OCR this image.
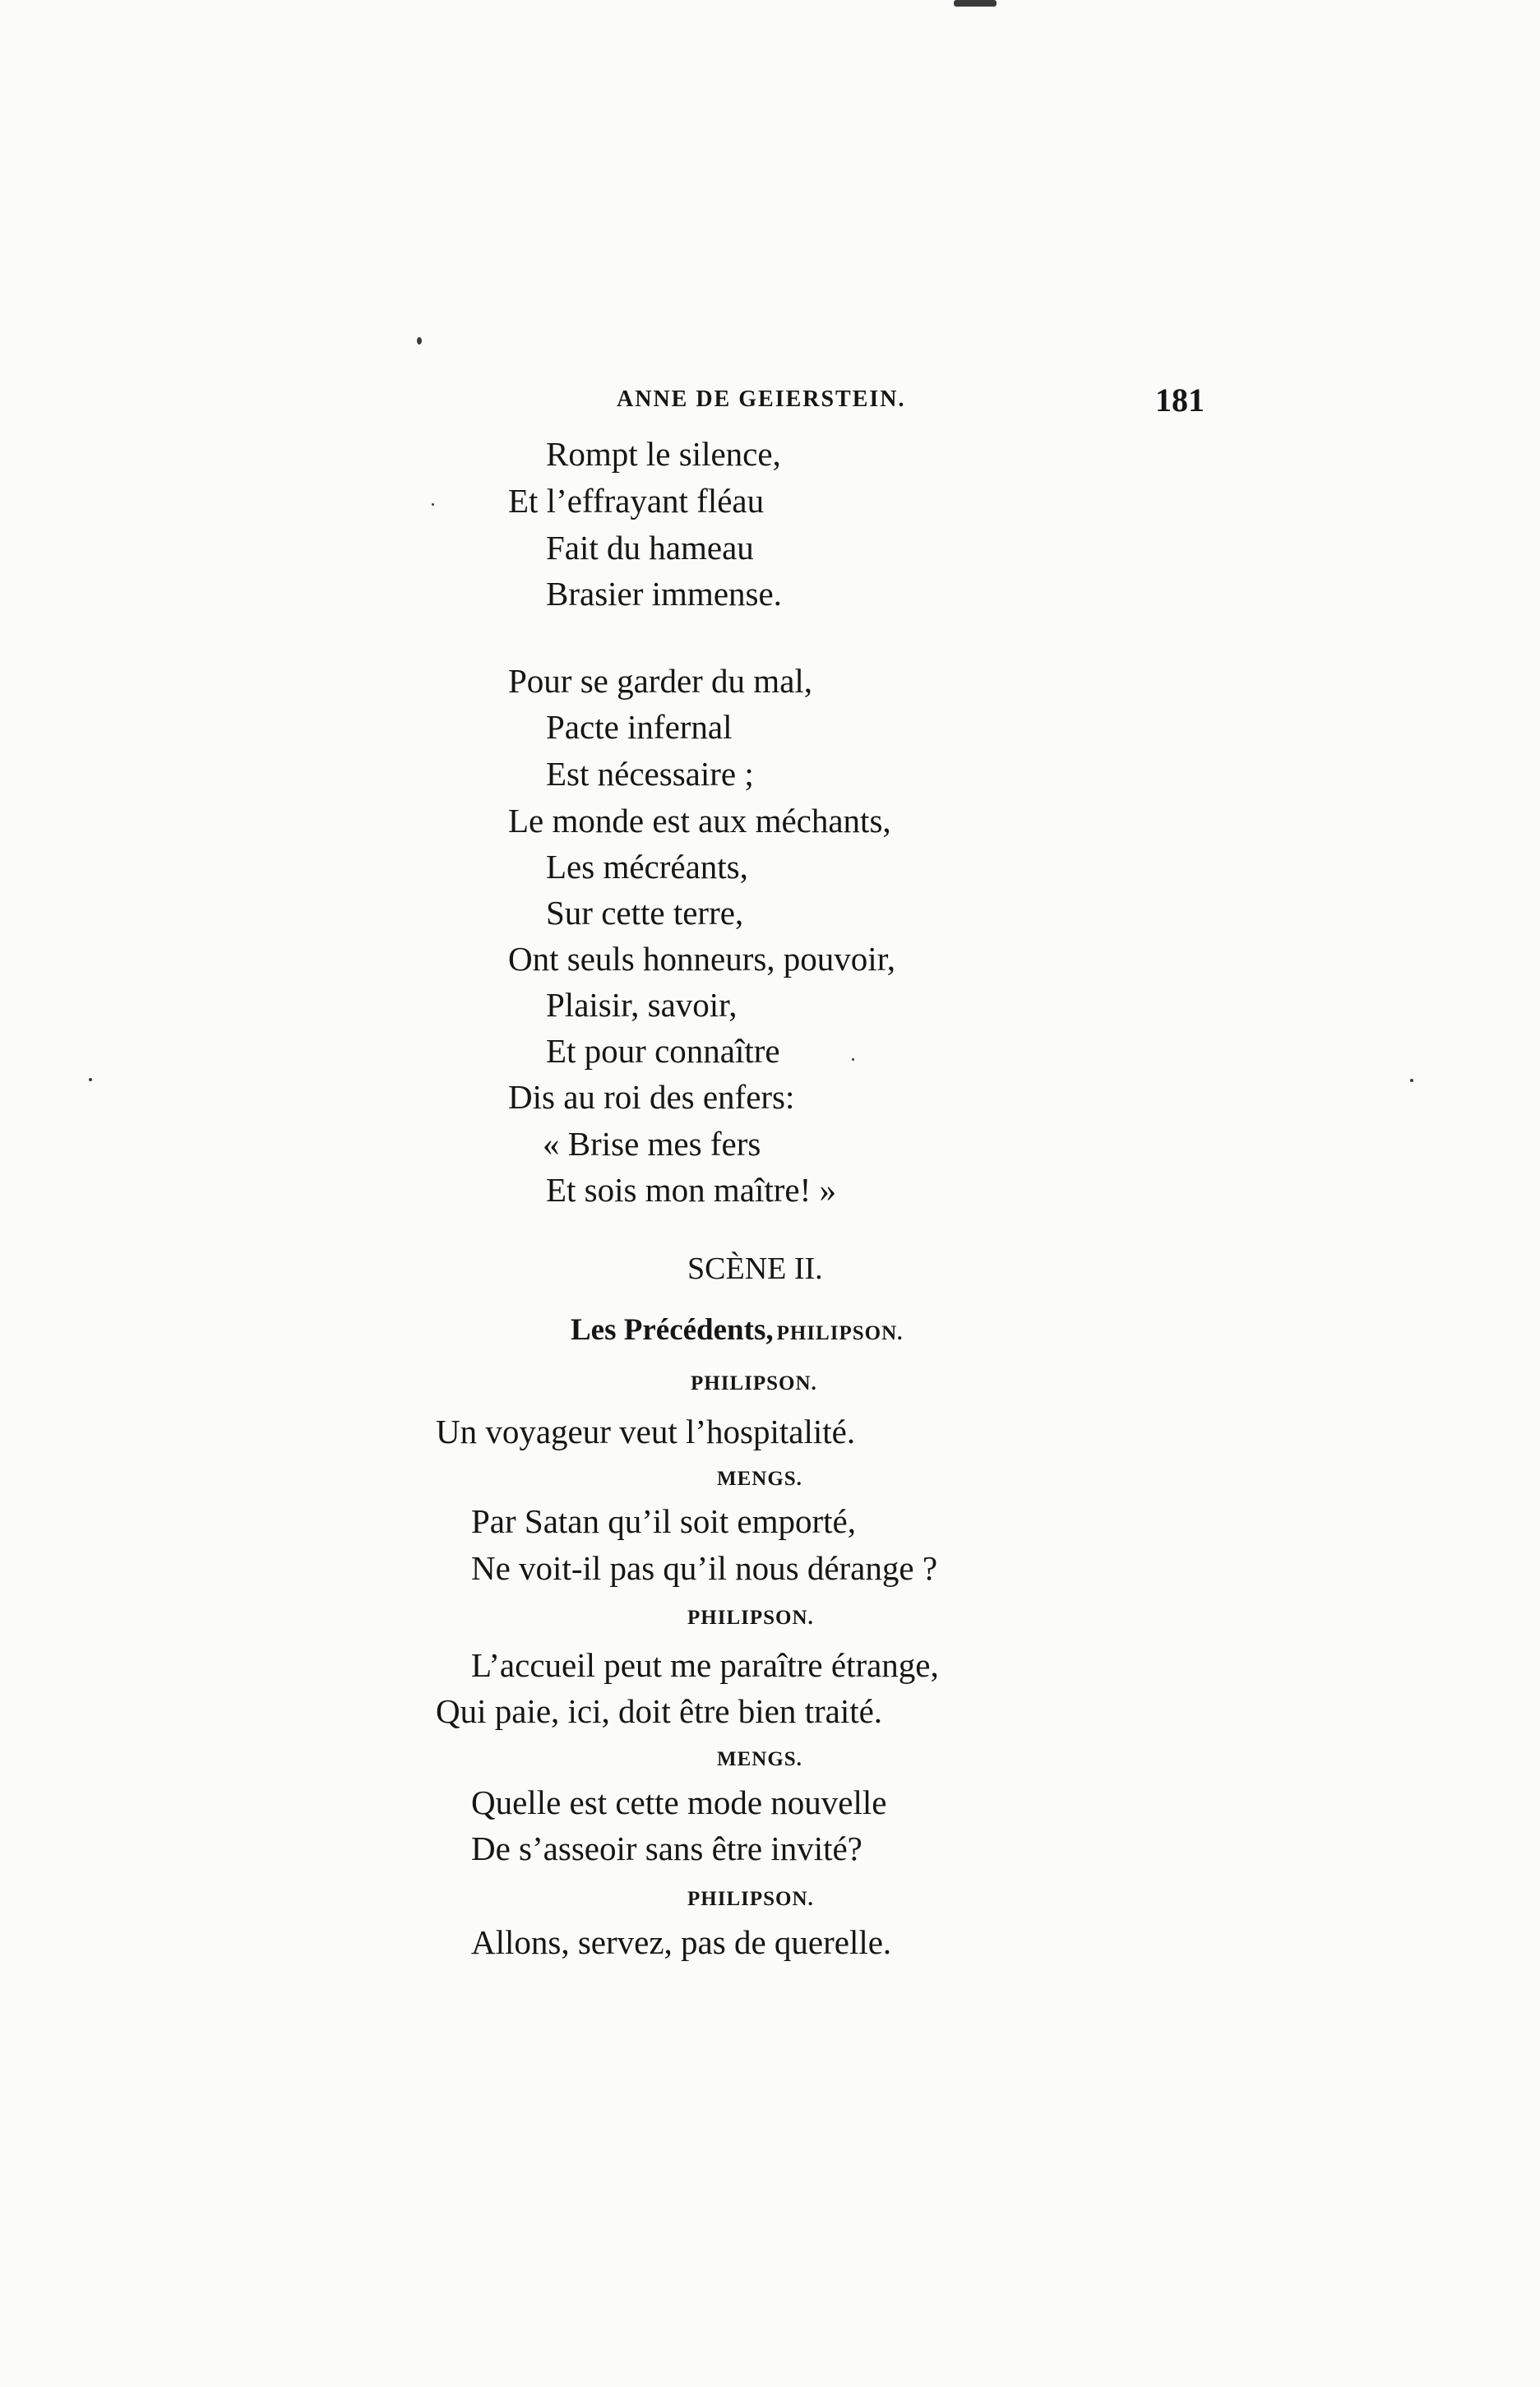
ANNE DE GEIERSTEIN.	181
Rompt le silence,
Et l’effrayant fléau
Fait du hameau
Brasier immense.
Pour se garder du mal,
Pacte infernal
Est nécessaire ;
Le monde est aux méchants,
Les mécréants,
Sur cette terre,
Ont seuls honneurs, pouvoir,
Plaisir, savoir,
Et pour connaître
Dis au roi des enfers:
« Brise mes fers
Et sois mon maître! »
SCÈNE II.
Les Précédents, PHILIPSON.
PHILIPSON.
Un voyageur veut l’hospitalité.
MENGS.
Par Satan qu’il soit emporté,
Ne voit-il pas qu’il nous dérange ?
PHILIPSON.
L’accueil peut me paraître étrange,
Qui paie, ici, doit être bien traité.
MENGS.
Quelle est cette mode nouvelle
De s’asseoir sans être invité?
PHILIPSON.
Allons, servez, pas de querelle.
